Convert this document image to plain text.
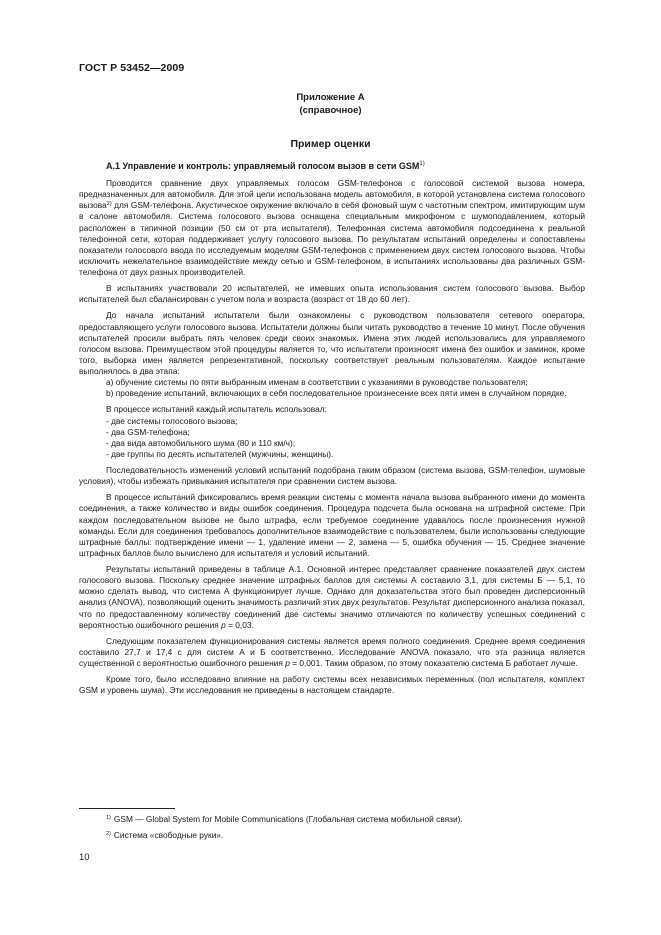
ГОСТ Р 53452—2009
Приложение А
(справочное)
Пример оценки
А.1 Управление и контроль: управляемый голосом вызов в сети GSM$^{1)}$

Проводится сравнение двух управляемых голосом GSM-телефонов с голосовой системой вызова номера, предназначенных для автомобиля. Для этой цели использована модель автомобиля, в которой установлена система голосового вызова$^{2)}$ для GSM-телефона. Акустическое окружение включало в себя фоновый шум с частотным спектром, имитирующим шум в салоне автомобиля. Система голосового вызова оснащена специальным микрофоном с шумоподавлением, который расположен в типичной позиции (50 см от рта испытателя). Телефонная система автомобиля подсоединена к реальной телефонной сети, которая поддерживает услугу голосового вызова. По результатам испытаний определены и сопоставлены показатели голосового ввода по исследуемым моделям GSM-телефонов с применением двух систем голосового вызова. Чтобы исключить нежелательное взаимодействие между сетью и GSM-телефоном, в испытаниях использованы два различных GSM-телефона от двух разных производителей.

В испытаниях участвовали 20 испытателей, не имевших опыта использования систем голосового вызова. Выбор испытателей был сбалансирован с учетом пола и возраста (возраст от 18 до 60 лет).

До начала испытаний испытатели были ознакомлены с руководством пользователя сетевого оператора, предоставляющего услуги голосового вызова. Испытатели должны были читать руководство в течение 10 минут. После обучения испытателей просили выбрать пять человек среди своих знакомых. Имена этих людей использовались для управляемого голосом вызова. Преимуществом этой процедуры является то, что испытатели произносят имена без ошибок и заминок, кроме того, выборка имен является репрезентативной, поскольку соответствует реальным пользователям. Каждое испытание выполнялось в два этапа:

а) обучение системы по пяти выбранным именам в соответствии с указаниями в руководстве пользователя;

b) проведение испытаний, включающих в себя последовательное произнесение всех пяти имен в случайном порядке.

В процессе испытаний каждый испытатель использовал:

- две системы голосового вызова;

- два GSM-телефона;

- два вида автомобильного шума (80 и 110 км/ч);

- две группы по десять испытателей (мужчины, женщины).

Последовательность изменений условий испытаний подобрана таким образом (система вызова, GSM-телефон, шумовые условия), чтобы избежать привыкания испытателя при сравнении систем вызова.

В процессе испытаний фиксировались время реакции системы с момента начала вызова выбранного имени до момента соединения, а также количество и виды ошибок соединения. Процедура подсчета была основана на штрафной системе. При каждом последовательном вызове не было штрафа, если требуемое соединение удавалось после произнесения нужной команды. Если для соединения требовалось дополнительное взаимодействие с пользователем, были использованы следующие штрафные баллы: подтверждение имени — 1, удаление имени — 2, замена — 5, ошибка обучения — 15. Среднее значение штрафных баллов было вычислено для испытателя и условий испытаний.

Результаты испытаний приведены в таблице А.1. Основной интерес представляет сравнение показателей двух систем голосового вызова. Поскольку среднее значение штрафных баллов для системы А составило 3,1, для системы Б — 5,1, то можно сделать вывод, что система А функционирует лучше. Однако для доказательства этого был проведен дисперсионный анализ (ANOVA), позволяющий оценить значимость различий этих двух результатов. Результат дисперсионного анализа показал, что по предоставленному количеству соединений две системы значимо отличаются по количеству успешных соединений с вероятностью ошибочного решения р = 0,03.

Следующим показателем функционирования системы является время полного соединения. Среднее время соединения составило 27,7 и 17,4 с для систем А и Б соответственно. Исследование ANOVA показало, что эта разница является существенной с вероятностью ошибочного решения р = 0,001. Таким образом, по этому показателю система Б работает лучше.

Кроме того, было исследовано влияние на работу системы всех независимых переменных (пол испытателя, комплект GSM и уровень шума). Эти исследования не приведены в настоящем стандарте.

$^{1)}$ GSM — Global System for Mobile Communications (Глобальная система мобильной связи).
$^{2)}$ Система «свободные руки».
10
